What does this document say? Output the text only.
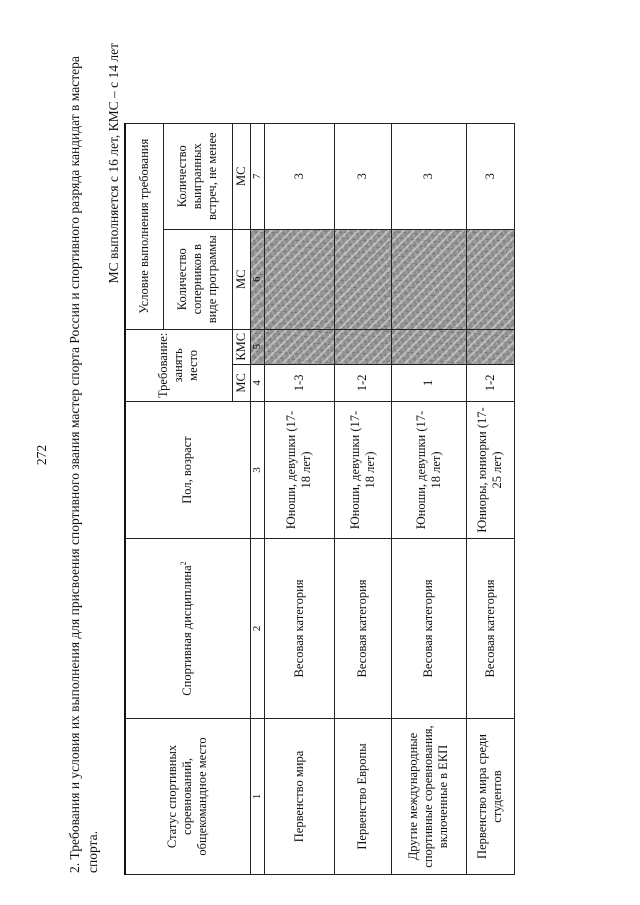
272 2. Требования и условия их выполнения для присвоения спортивного звания мастер спорта России и спортивного разряда кандидат в мастера спорта.
МС выполняется с 16 лет, КМС – с 14 лет
Статус спортивных соревнований, общекомандное место	Спортивная дисциплина$^2$	Пол, возраст	Требование: занять место		Условие выполнения требования	
					Количество соперников в виде программы	Количество выигранных встреч, не менее
			МС	КМС	МС	МС
1	2	3	4	5	6	7
Первенство мира	Весовая категория	Юноши, девушки (17-18 лет)	1-3			3
Первенство Европы	Весовая категория	Юноши, девушки (17-18 лет)	1-2			3
Другие международные спортивные соревнования, включенные в ЕКП	Весовая категория	Юноши, девушки (17-18 лет)	1			3
Первенство мира среди студентов	Весовая категория	Юниоры, юниорки (17-25 лет)	1-2			3
